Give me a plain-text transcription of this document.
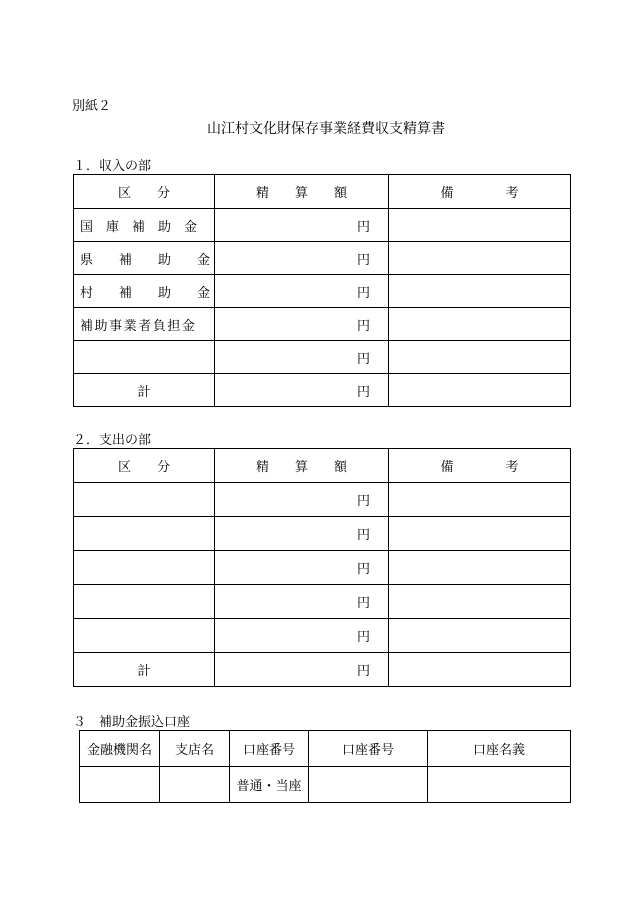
別紙２
山江村文化財保存事業経費収支精算書
１．収入の部
区　　分	精　　算　　額	備　　　　考
国　庫　補　助　金	円	
県　　補　　助　　金	円	
村　　補　　助　　金	円	
補助事業者負担金	円	
	円	
計	円	
２．支出の部
区　　分	精　　算　　額	備　　　　考
	円	
	円	
	円	
	円	
	円	
計	円	
３　補助金振込口座
金融機関名	支店名	口座番号	口座番号	口座名義
		普通・当座		
